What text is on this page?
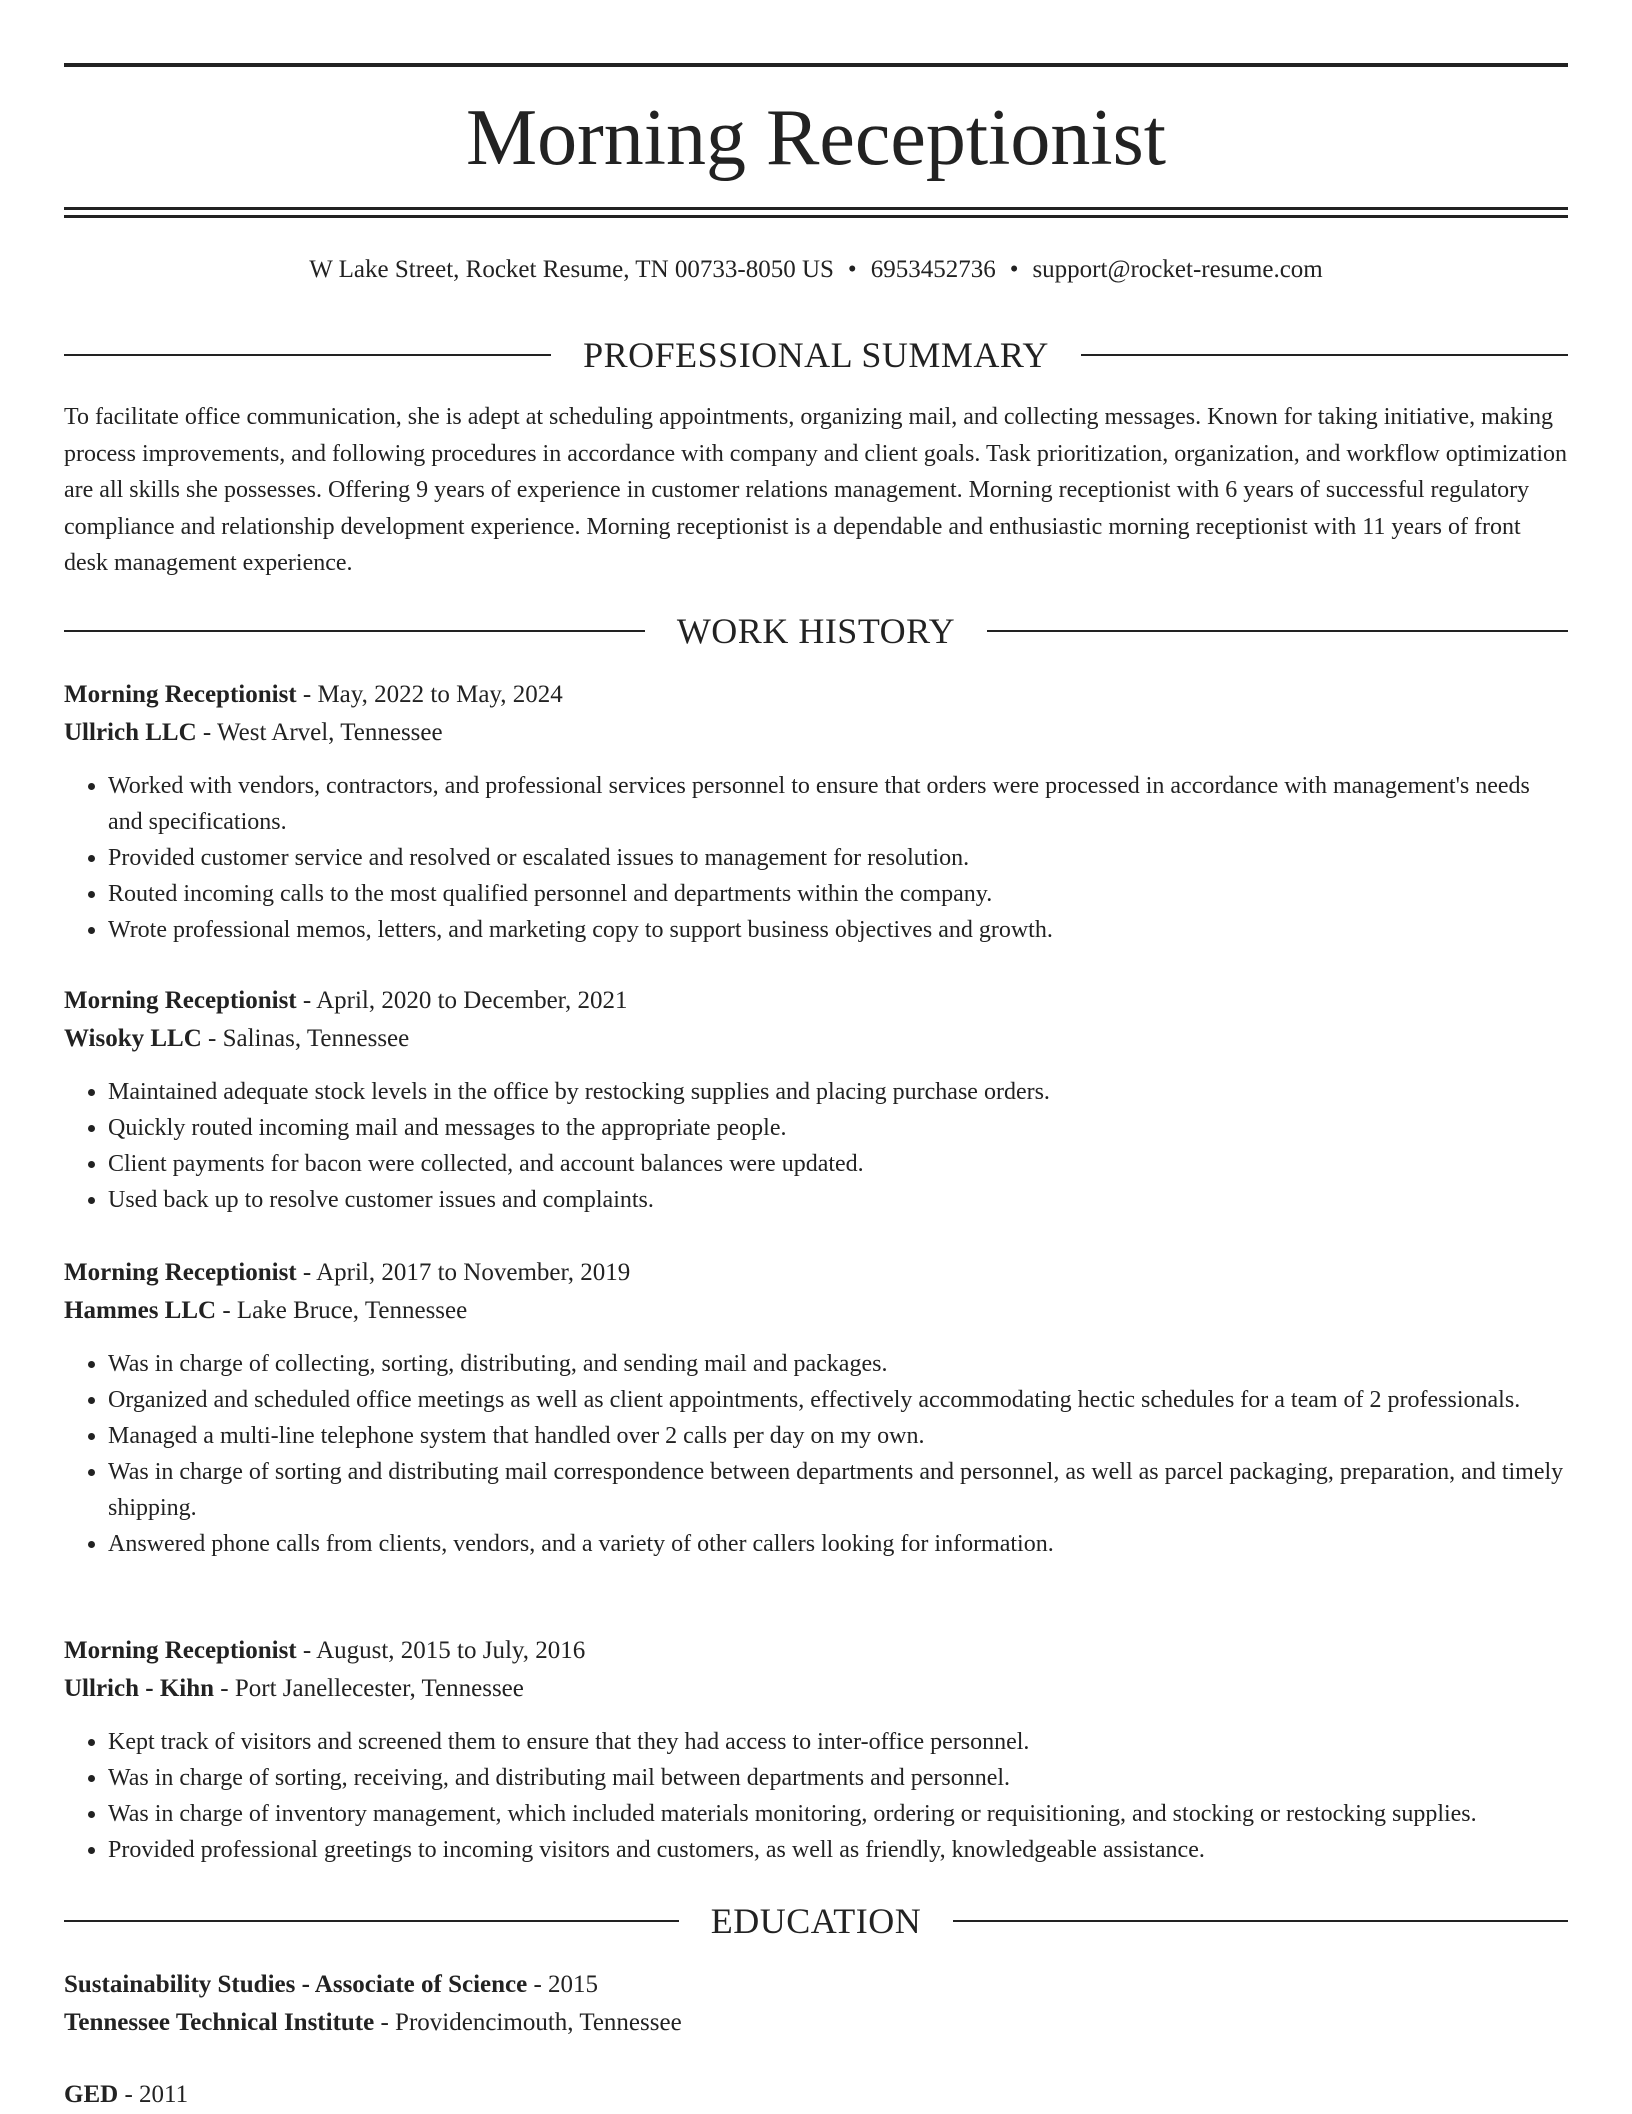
Morning Receptionist
W Lake Street, Rocket Resume, TN 00733-8050 US • 6953452736 • support@rocket-resume.com
PROFESSIONAL SUMMARY

To facilitate office communication, she is adept at scheduling appointments, organizing mail, and collecting messages. Known for taking initiative, making process improvements, and following procedures in accordance with company and client goals. Task prioritization, organization, and workflow optimization are all skills she possesses. Offering 9 years of experience in customer relations management. Morning receptionist with 6 years of successful regulatory compliance and relationship development experience. Morning receptionist is a dependable and enthusiastic morning receptionist with 11 years of front desk management experience.

WORK HISTORY

Morning Receptionist - May, 2022 to May, 2024

Ullrich LLC - West Arvel, Tennessee

• Worked with vendors, contractors, and professional services personnel to ensure that orders were processed in accordance with management's needs and specifications.
• Provided customer service and resolved or escalated issues to management for resolution.
• Routed incoming calls to the most qualified personnel and departments within the company.
• Wrote professional memos, letters, and marketing copy to support business objectives and growth.

Morning Receptionist - April, 2020 to December, 2021

Wisoky LLC - Salinas, Tennessee

• Maintained adequate stock levels in the office by restocking supplies and placing purchase orders.
• Quickly routed incoming mail and messages to the appropriate people.
• Client payments for bacon were collected, and account balances were updated.
• Used back up to resolve customer issues and complaints.

Morning Receptionist - April, 2017 to November, 2019

Hammes LLC - Lake Bruce, Tennessee

• Was in charge of collecting, sorting, distributing, and sending mail and packages.
• Organized and scheduled office meetings as well as client appointments, effectively accommodating hectic schedules for a team of 2 professionals.
• Managed a multi-line telephone system that handled over 2 calls per day on my own.
• Was in charge of sorting and distributing mail correspondence between departments and personnel, as well as parcel packaging, preparation, and timely shipping.
• Answered phone calls from clients, vendors, and a variety of other callers looking for information.

Morning Receptionist - August, 2015 to July, 2016

Ullrich - Kihn - Port Janellecester, Tennessee

• Kept track of visitors and screened them to ensure that they had access to inter-office personnel.
• Was in charge of sorting, receiving, and distributing mail between departments and personnel.
• Was in charge of inventory management, which included materials monitoring, ordering or requisitioning, and stocking or restocking supplies.
• Provided professional greetings to incoming visitors and customers, as well as friendly, knowledgeable assistance.
EDUCATION

Sustainability Studies - Associate of Science - 2015

Tennessee Technical Institute - Providencimouth, Tennessee

GED - 2011
